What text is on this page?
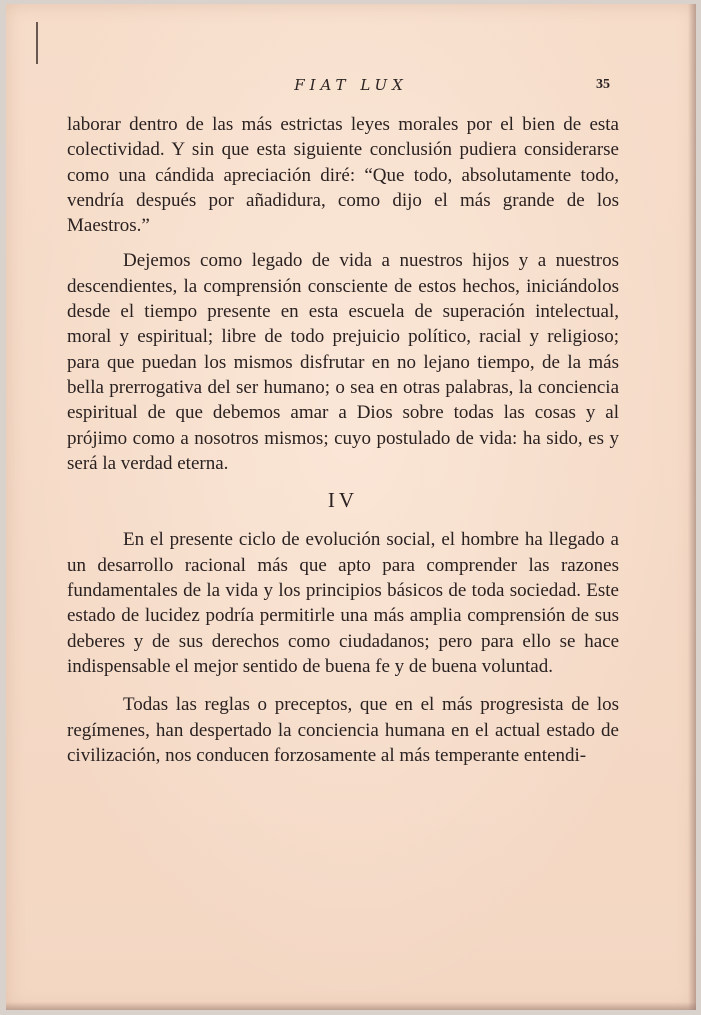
FIAT LUX	35

laborar dentro de las más estrictas leyes morales por el bien de esta colectividad. Y sin que esta siguiente conclusión pudiera considerarse como una cándida apreciación diré: “Que todo, absolutamente todo, vendría después por añadidura, como dijo el más grande de los Maestros.”

Dejemos como legado de vida a nuestros hijos y a nuestros descendientes, la comprensión consciente de estos hechos, iniciándolos desde el tiempo presente en esta escuela de superación intelectual, moral y espiritual; libre de todo prejuicio político, racial y religioso; para que puedan los mismos disfrutar en no lejano tiempo, de la más bella prerrogativa del ser humano; o sea en otras palabras, la conciencia espiritual de que debemos amar a Dios sobre todas las cosas y al prójimo como a nosotros mismos; cuyo postulado de vida: ha sido, es y será la verdad eterna.

IV

En el presente ciclo de evolución social, el hombre ha llegado a un desarrollo racional más que apto para comprender las razones fundamentales de la vida y los principios básicos de toda sociedad. Este estado de lucidez podría permitirle una más amplia comprensión de sus deberes y de sus derechos como ciudadanos; pero para ello se hace indispensable el mejor sentido de buena fe y de buena voluntad.

Todas las reglas o preceptos, que en el más progresista de los regímenes, han despertado la conciencia humana en el actual estado de civilización, nos conducen forzosamente al más temperante entendi-
